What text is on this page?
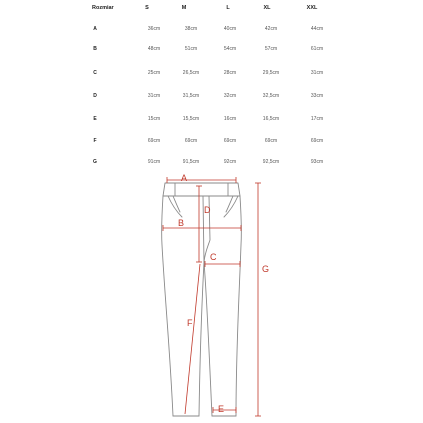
Rozmiar	S	M	L	XL	XXL
A	36cm	38cm	40cm	42cm	44cm
B	48cm	51cm	54cm	57cm	61cm
C	25cm	26,5cm	28cm	29,5cm	31cm
D	31cm	31,5cm	32cm	32,5cm	33cm
E	15cm	15,5cm	16cm	16,5cm	17cm
F	69cm	69cm	69cm	69cm	69cm
G	91cm	91,5cm	92cm	92,5cm	93cm
A
B
C
D
E
F
G
